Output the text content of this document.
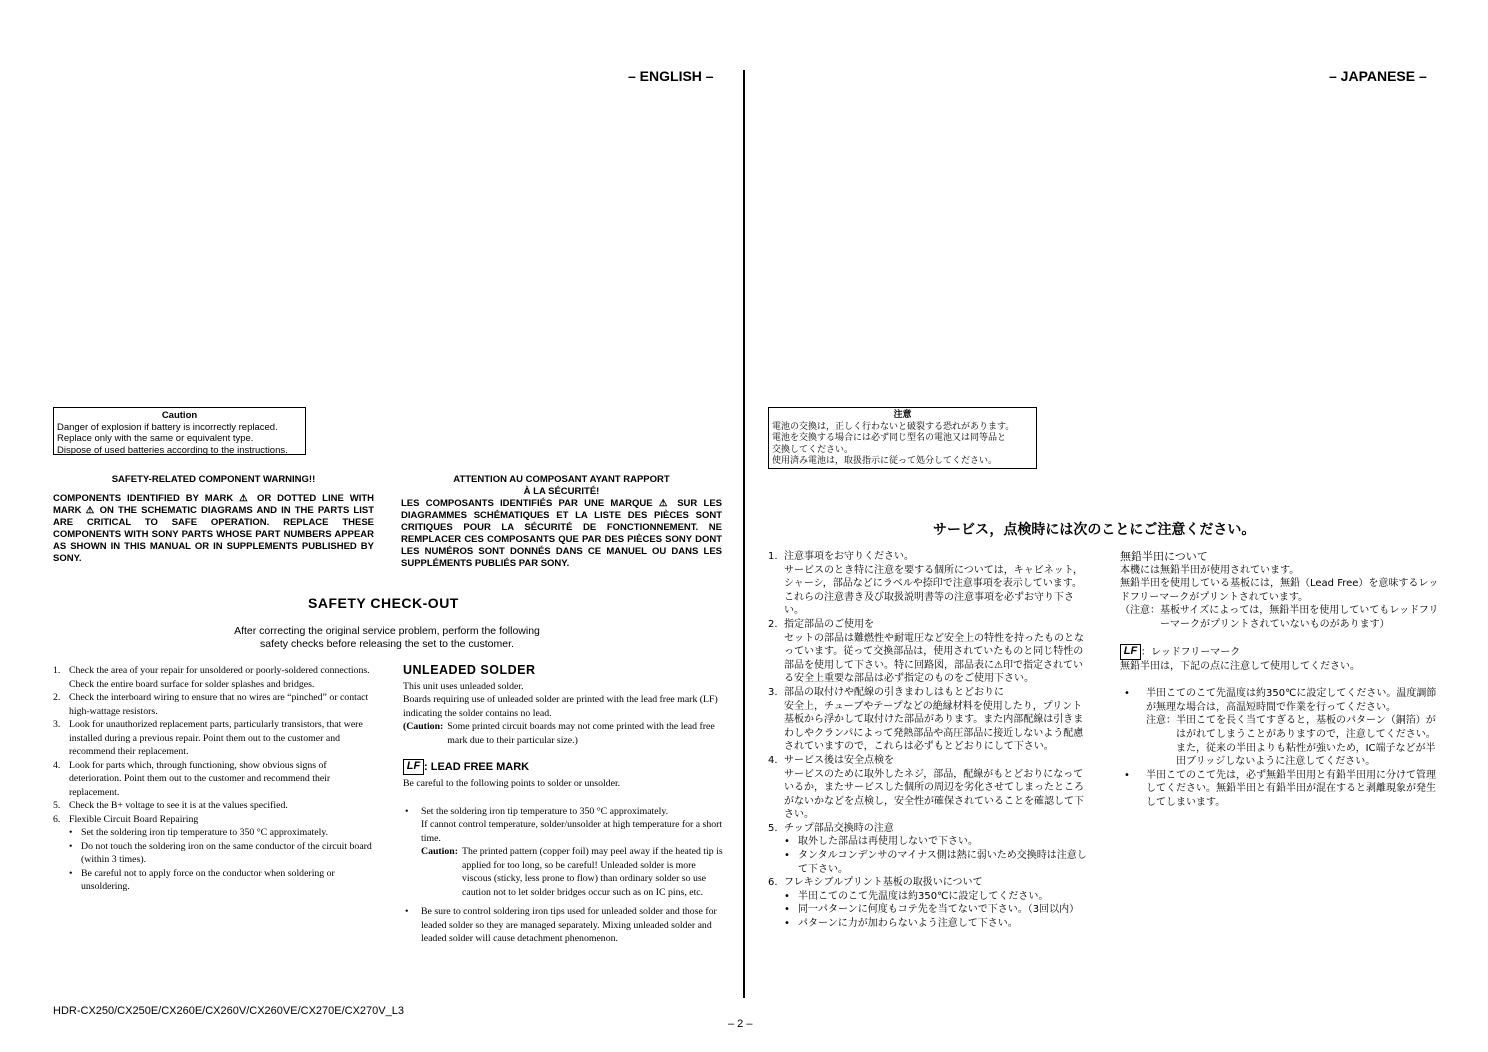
– ENGLISH –	– JAPANESE –
Caution
Danger of explosion if battery is incorrectly replaced.
Replace only with the same or equivalent type.
Dispose of used batteries according to the instructions.
SAFETY-RELATED COMPONENT WARNING!!
COMPONENTS IDENTIFIED BY MARK ⚠ OR DOTTED LINE WITH MARK ⚠ ON THE SCHEMATIC DIAGRAMS AND IN THE PARTS LIST ARE CRITICAL TO SAFE OPERATION. REPLACE THESE COMPONENTS WITH SONY PARTS WHOSE PART NUMBERS APPEAR AS SHOWN IN THIS MANUAL OR IN SUPPLEMENTS PUBLISHED BY SONY.
ATTENTION AU COMPOSANT AYANT RAPPORT
À LA SÉCURITÉ!
LES COMPOSANTS IDENTIFIÉS PAR UNE MARQUE ⚠ SUR LES DIAGRAMMES SCHÉMATIQUES ET LA LISTE DES PIÈCES SONT CRITIQUES POUR LA SÉCURITÉ DE FONCTIONNEMENT. NE REMPLACER CES COMPOSANTS QUE PAR DES PIÈCES SONY DONT LES NUMÉROS SONT DONNÉS DANS CE MANUEL OU DANS LES SUPPLÉMENTS PUBLIÉS PAR SONY.
SAFETY CHECK-OUT
After correcting the original service problem, perform the following
safety checks before releasing the set to the customer.
1. Check the area of your repair for unsoldered or poorly-soldered connections. Check the entire board surface for solder splashes and bridges.
2. Check the interboard wiring to ensure that no wires are “pinched” or contact high-wattage resistors.
3. Look for unauthorized replacement parts, particularly transistors, that were installed during a previous repair. Point them out to the customer and recommend their replacement.
4. Look for parts which, through functioning, show obvious signs of deterioration. Point them out to the customer and recommend their replacement.
5. Check the B+ voltage to see it is at the values specified.
6. Flexible Circuit Board Repairing
• Set the soldering iron tip temperature to 350 °C approximately.
• Do not touch the soldering iron on the same conductor of the circuit board (within 3 times).
• Be careful not to apply force on the conductor when soldering or unsoldering.
UNLEADED SOLDER
This unit uses unleaded solder.
Boards requiring use of unleaded solder are printed with the lead free mark (LF) indicating the solder contains no lead.
(Caution: Some printed circuit boards may not come printed with the lead free mark due to their particular size.)
LF : LEAD FREE MARK
Be careful to the following points to solder or unsolder.
•	Set the soldering iron tip temperature to 350 °C approximately.
If cannot control temperature, solder/unsolder at high temperature for a short time.
Caution: The printed pattern (copper foil) may peel away if the heated tip is applied for too long, so be careful! Unleaded solder is more viscous (sticky, less prone to flow) than ordinary solder so use caution not to let solder bridges occur such as on IC pins, etc.
•	Be sure to control soldering iron tips used for unleaded solder and those for leaded solder so they are managed separately. Mixing unleaded solder and leaded solder will cause detachment phenomenon.
注意
電池の交換は，正しく行わないと破裂する恐れがあります。
電池を交換する場合には必ず同じ型名の電池又は同等品と
交換してください。
使用済み電池は，取扱指示に従って処分してください。
サービス，点検時には次のことにご注意ください。
1. 注意事項をお守りください。
サービスのとき特に注意を要する個所については，キャビネット，シャーシ，部品などにラベルや捺印で注意事項を表示しています。これらの注意書き及び取扱説明書等の注意事項を必ずお守り下さい。
2. 指定部品のご使用を
セットの部品は難燃性や耐電圧など安全上の特性を持ったものとなっています。従って交換部品は，使用されていたものと同じ特性の部品を使用して下さい。特に回路図，部品表に⚠印で指定されている安全上重要な部品は必ず指定のものをご使用下さい。
3. 部品の取付けや配線の引きまわしはもとどおりに
安全上，チューブやテープなどの絶縁材料を使用したり，プリント基板から浮かして取付けた部品があります。また内部配線は引きまわしやクランパによって発熱部品や高圧部品に接近しないよう配慮されていますので，これらは必ずもとどおりにして下さい。
4. サービス後は安全点検を
サービスのために取外したネジ，部品，配線がもとどおりになっているか，またサービスした個所の周辺を劣化させてしまったところがないかなどを点検し，安全性が確保されていることを確認して下さい。
5. チップ部品交換時の注意
• 取外した部品は再使用しないで下さい。
• タンタルコンデンサのマイナス側は熱に弱いため交換時は注意して下さい。
6. フレキシブルプリント基板の取扱いについて
• 半田こてのこて先温度は約350℃に設定してください。
• 同一パターンに何度もコテ先を当てないで下さい。（3回以内）
• パターンに力が加わらないよう注意して下さい。
無鉛半田について
本機には無鉛半田が使用されています。
無鉛半田を使用している基板には，無鉛（Lead Free）を意味するレッドフリーマークがプリントされています。
（注意： 基板サイズによっては，無鉛半田を使用していてもレッドフリーマークがプリントされていないものがあります）
LF ：レッドフリーマーク
無鉛半田は，下記の点に注意して使用してください。
•	半田こてのこて先温度は約350℃に設定してください。温度調節が無理な場合は，高温短時間で作業を行ってください。
注意： 半田こてを長く当てすぎると，基板のパターン（銅箔）がはがれてしまうことがありますので，注意してください。また，従来の半田よりも粘性が強いため，IC端子などが半田ブリッジしないように注意してください。
•	半田こてのこて先は，必ず無鉛半田用と有鉛半田用に分けて管理してください。無鉛半田と有鉛半田が混在すると剥離現象が発生してしまいます。
HDR-CX250/CX250E/CX260E/CX260V/CX260VE/CX270E/CX270V_L3
– 2 –
